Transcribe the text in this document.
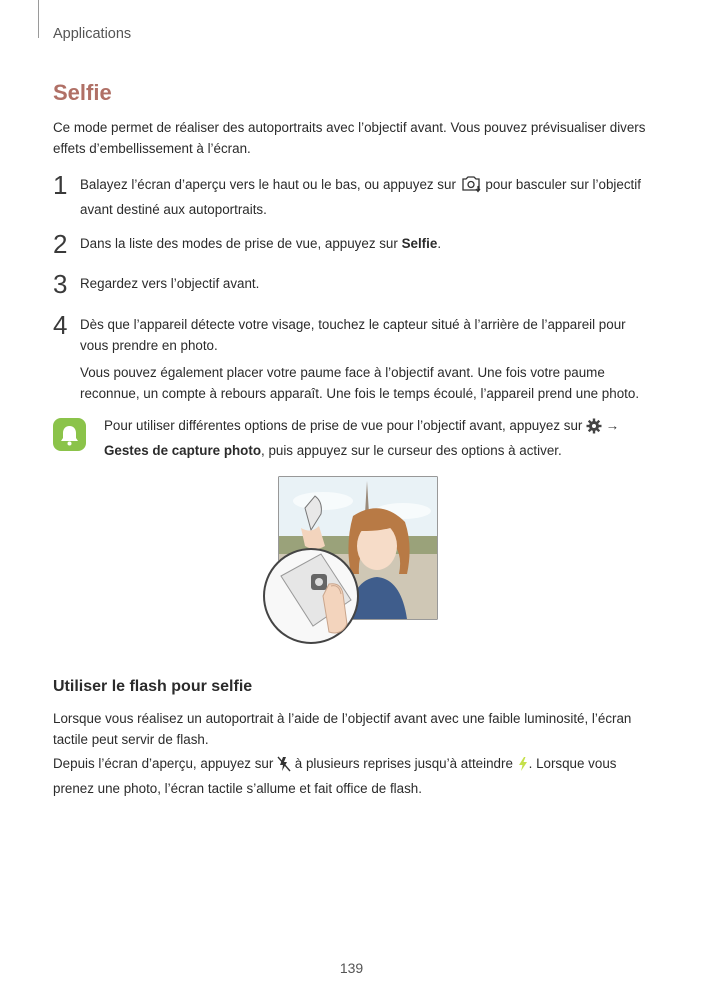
Applications
Selfie
Ce mode permet de réaliser des autoportraits avec l’objectif avant. Vous pouvez prévisualiser divers effets d’embellissement à l’écran.
1 Balayez l’écran d’aperçu vers le haut ou le bas, ou appuyez sur pour basculer sur l’objectif avant destiné aux autoportraits.
2 Dans la liste des modes de prise de vue, appuyez sur Selfie.
3 Regardez vers l’objectif avant.
4 Dès que l’appareil détecte votre visage, touchez le capteur situé à l’arrière de l’appareil pour vous prendre en photo.

Vous pouvez également placer votre paume face à l’objectif avant. Une fois votre paume reconnue, un compte à rebours apparaît. Une fois le temps écoulé, l’appareil prend une photo.

Pour utiliser différentes options de prise de vue pour l’objectif avant, appuyez sur →
Gestes de capture photo, puis appuyez sur le curseur des options à activer.
Utiliser le flash pour selfie
Lorsque vous réalisez un autoportrait à l’aide de l’objectif avant avec une faible luminosité, l’écran tactile peut servir de flash.
Depuis l’écran d’aperçu, appuyez sur à plusieurs reprises jusqu’à atteindre . Lorsque vous prenez une photo, l’écran tactile s’allume et fait office de flash.
139
